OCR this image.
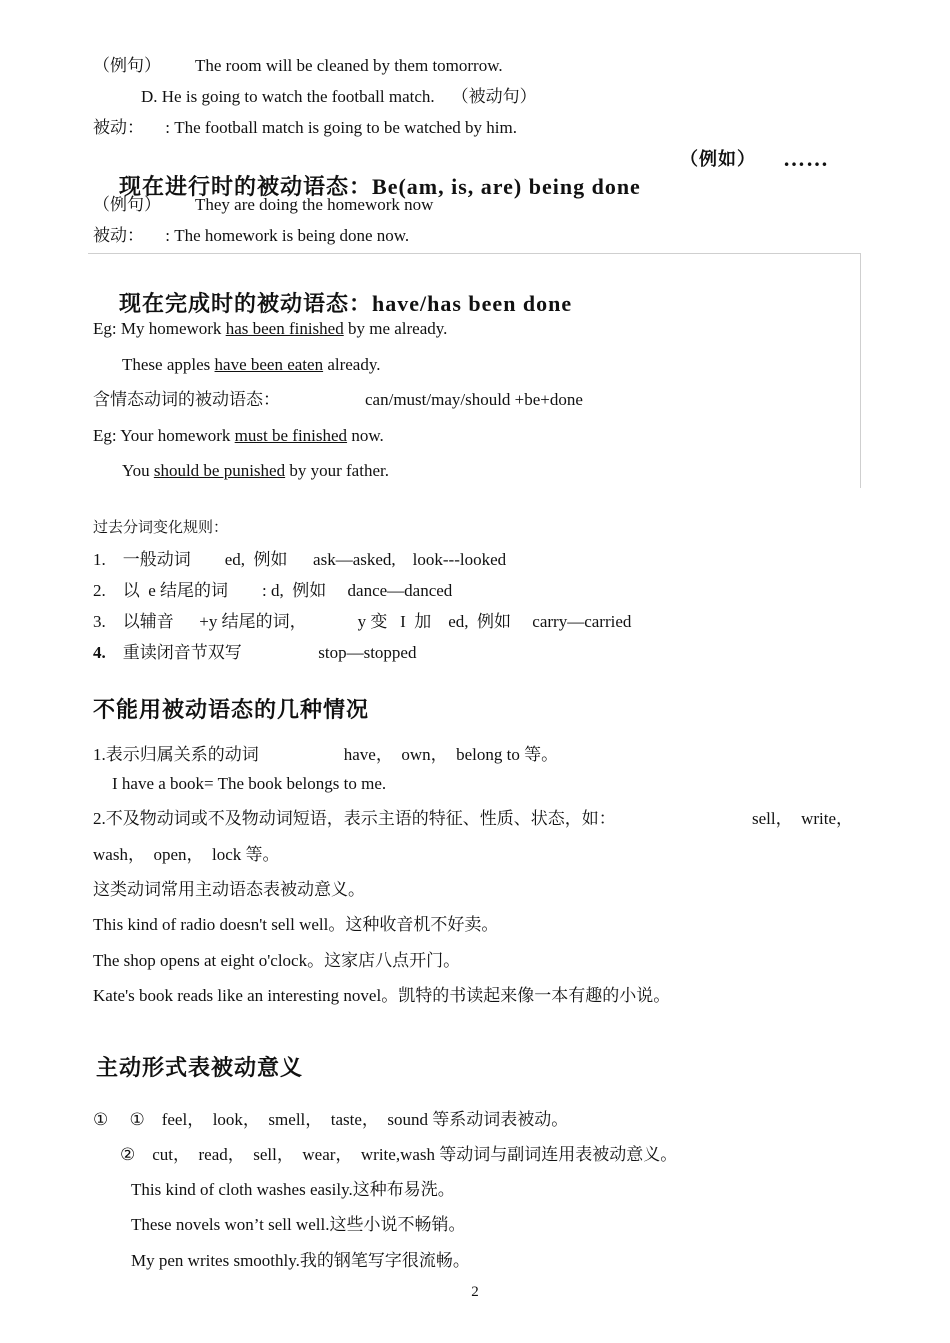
（例句）        The room will be cleaned by them tomorrow.
D. He is going to watch the football match.    （被动句）
被动：     : The football match is going to be watched by him.

现在进行时的被动语态：Be(am, is, are) being done

（例如） ……
（例句）        They are doing the homework now
被动：     : The homework is being done now.

现在完成时的被动语态：have/has been done

Eg: My homework has been finished by me already.
These apples have been eaten already.
含情态动词的被动语态：                    can/must/may/should +be+done
Eg: Your homework must be finished now.
You should be punished by your father.
过去分词变化规则：
1.    一般动词        ed,  例如      ask—asked,    look---looked
2.    以  e 结尾的词        : d,  例如     dance—danced
3.    以辅音      +y 结尾的词，            y 变   I  加    ed,  例如     carry—carried
4.    重读闭音节双写                  stop—stopped
不能用被动语态的几种情况
1.表示归属关系的动词                    have，  own，  belong to 等。
I have a book= The book belongs to me.
2.不及物动词或不及物动词短语，表示主语的特征、性质、状态，如：	sell，  write，
wash，  open，  lock 等。
这类动词常用主动语态表被动意义。
This kind of radio doesn't sell well。这种收音机不好卖。
The shop opens at eight o'clock。这家店八点开门。
Kate's book reads like an interesting novel。凯特的书读起来像一本有趣的小说。
主动形式表被动意义
①     ①    feel，  look，  smell，  taste，  sound 等系动词表被动。
②    cut，  read，  sell，  wear，  write,wash 等动词与副词连用表被动意义。
This kind of cloth washes easily.这种布易洗。
These novels won’t sell well.这些小说不畅销。
My pen writes smoothly.我的钢笔写字很流畅。
2
